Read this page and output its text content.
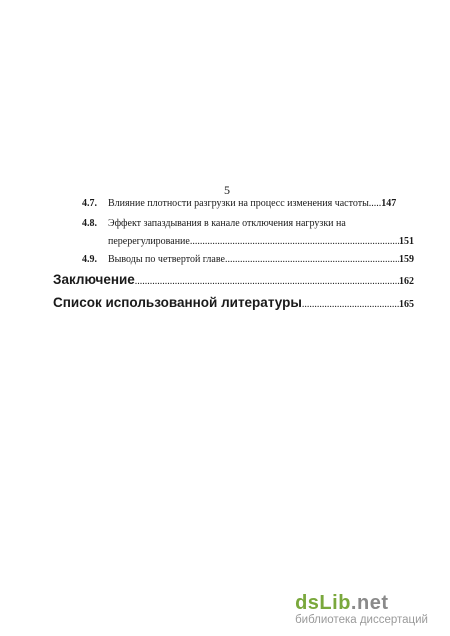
5
4.7.	Влияние плотности разгрузки на процесс изменения частоты ..... 147
4.8.	Эффект запаздывания в канале отключения нагрузки на
перерегулирование .....	151
4.9.	Выводы по четвертой главе .....	159
Заключение .....	162
Список использованной литературы .....	165
dsLib.net
библиотека диссертаций
